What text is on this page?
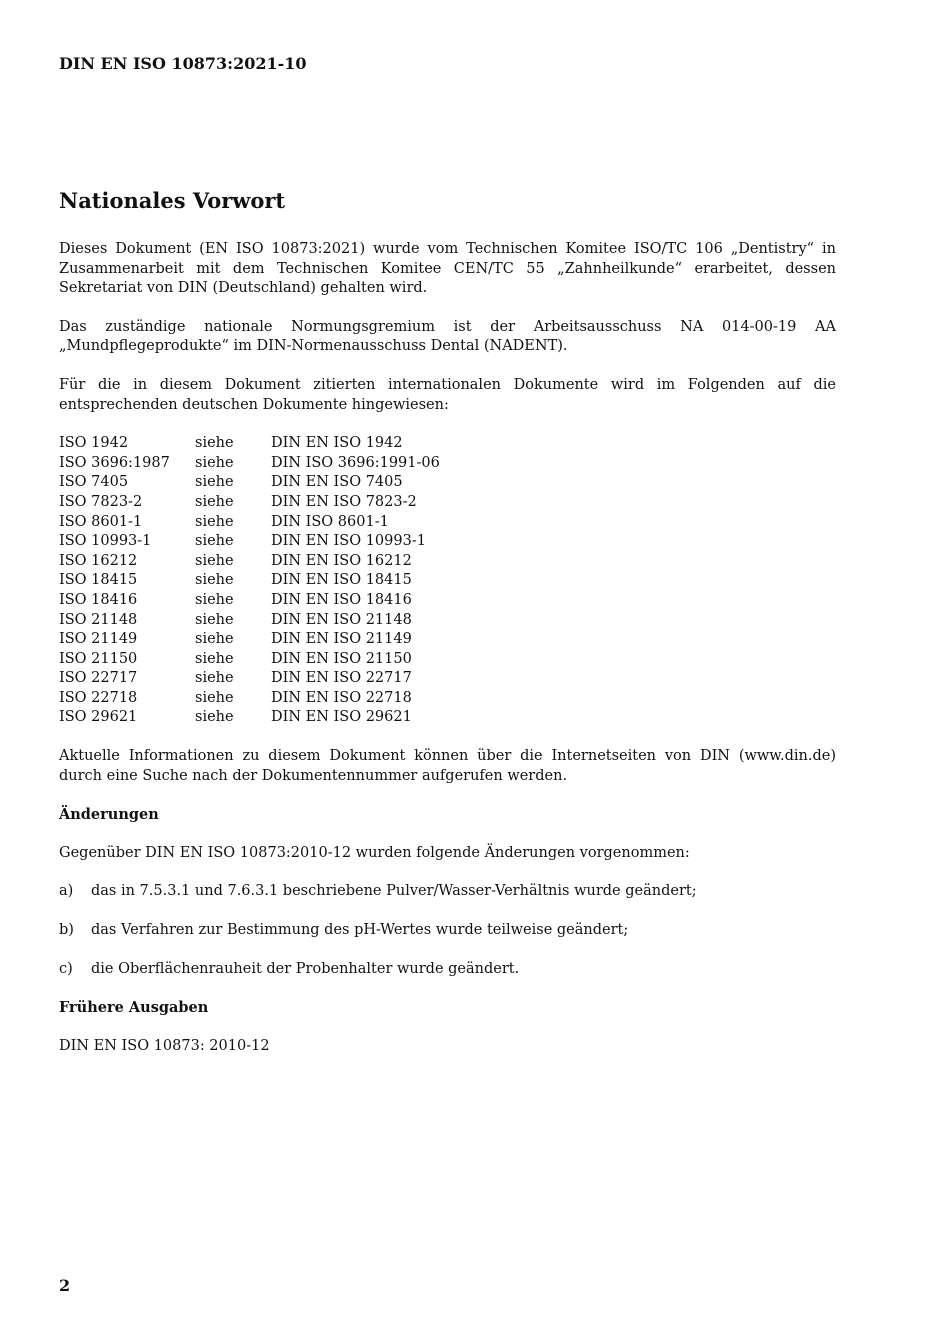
DIN EN ISO 10873:2021-10
Nationales Vorwort

Dieses Dokument (EN ISO 10873:2021) wurde vom Technischen Komitee ISO/TC 106 „Dentistry“ in Zusammenarbeit mit dem Technischen Komitee CEN/TC 55 „Zahnheilkunde“ erarbeitet, dessen Sekretariat von DIN (Deutschland) gehalten wird.

Das zuständige nationale Normungsgremium ist der Arbeitsausschuss NA 014-00-19 AA „Mundpflegeprodukte“ im DIN-Normenausschuss Dental (NADENT).

Für die in diesem Dokument zitierten internationalen Dokumente wird im Folgenden auf die entsprechenden deutschen Dokumente hingewiesen:

ISO 1942	siehe	DIN EN ISO 1942
ISO 3696:1987	siehe	DIN ISO 3696:1991-06
ISO 7405	siehe	DIN EN ISO 7405
ISO 7823-2	siehe	DIN EN ISO 7823-2
ISO 8601-1	siehe	DIN ISO 8601-1
ISO 10993-1	siehe	DIN EN ISO 10993-1
ISO 16212	siehe	DIN EN ISO 16212
ISO 18415	siehe	DIN EN ISO 18415
ISO 18416	siehe	DIN EN ISO 18416
ISO 21148	siehe	DIN EN ISO 21148
ISO 21149	siehe	DIN EN ISO 21149
ISO 21150	siehe	DIN EN ISO 21150
ISO 22717	siehe	DIN EN ISO 22717
ISO 22718	siehe	DIN EN ISO 22718
ISO 29621	siehe	DIN EN ISO 29621

Aktuelle Informationen zu diesem Dokument können über die Internetseiten von DIN (www.din.de) durch eine Suche nach der Dokumentennummer aufgerufen werden.

Änderungen

Gegenüber DIN EN ISO 10873:2010-12 wurden folgende Änderungen vorgenommen:

a)	das in 7.5.3.1 und 7.6.3.1 beschriebene Pulver/Wasser-Verhältnis wurde geändert;
b)	das Verfahren zur Bestimmung des pH-Wertes wurde teilweise geändert;
c)	die Oberflächenrauheit der Probenhalter wurde geändert.
Frühere Ausgaben

DIN EN ISO 10873: 2010-12

2
